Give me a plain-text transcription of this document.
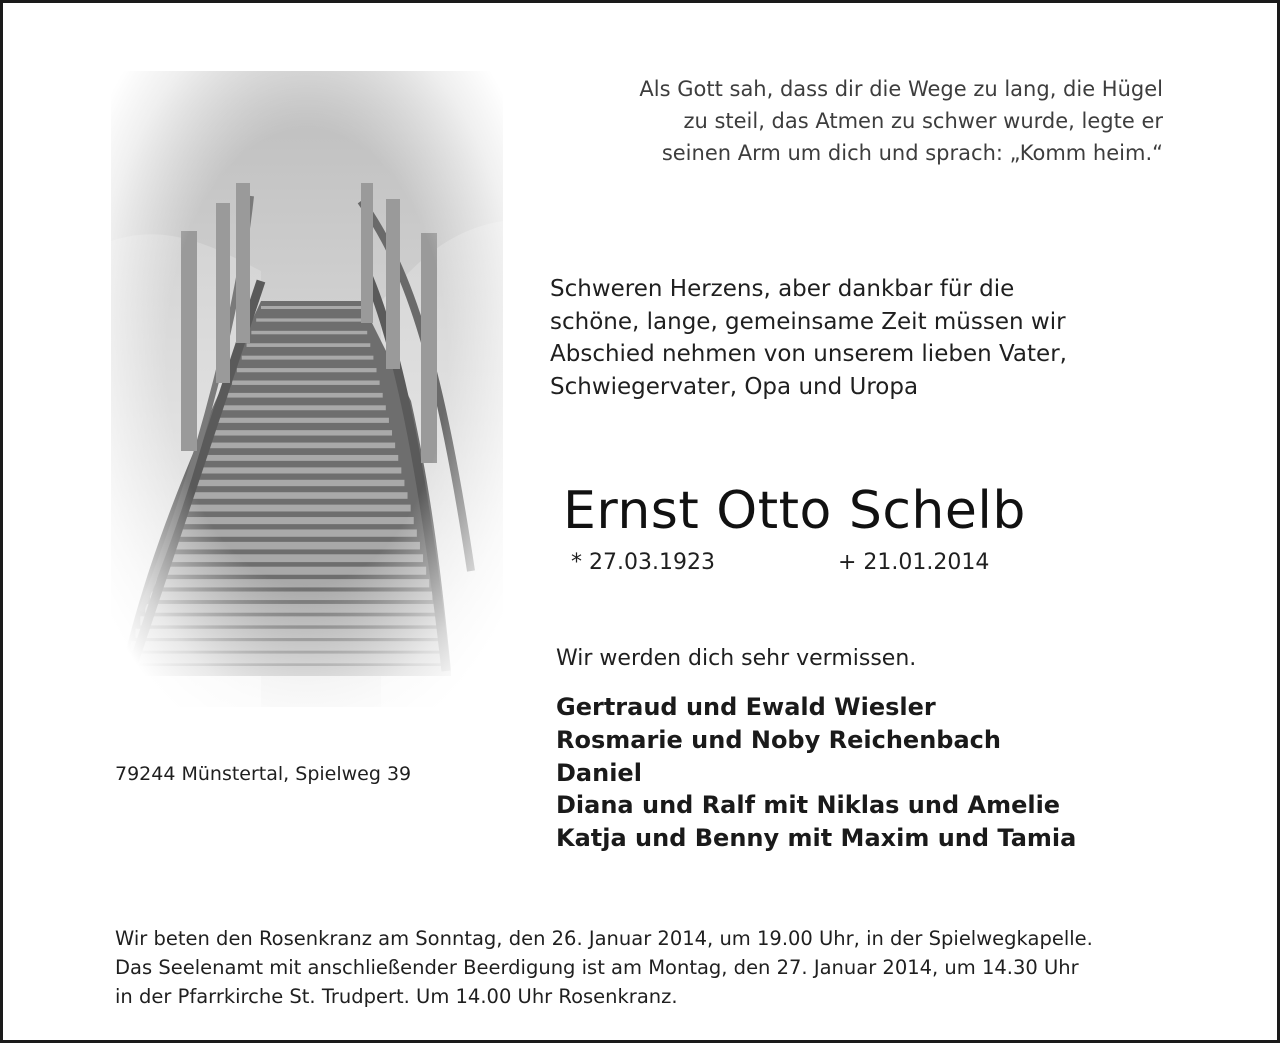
Als Gott sah, dass dir die Wege zu lang, die Hügel
zu steil, das Atmen zu schwer wurde, legte er
seinen Arm um dich und sprach: „Komm heim.“
Schweren Herzens, aber dankbar für die
schöne, lange, gemeinsame Zeit müssen wir
Abschied nehmen von unserem lieben Vater,
Schwiegervater, Opa und Uropa
Ernst Otto Schelb
* 27.03.1923	+ 21.01.2014
Wir werden dich sehr vermissen.
Gertraud und Ewald Wiesler
Rosmarie und Noby Reichenbach
Daniel
Diana und Ralf mit Niklas und Amelie
Katja und Benny mit Maxim und Tamia
79244 Münstertal, Spielweg 39
Wir beten den Rosenkranz am Sonntag, den 26. Januar 2014, um 19.00 Uhr, in der Spielwegkapelle.
Das Seelenamt mit anschließender Beerdigung ist am Montag, den 27. Januar 2014, um 14.30 Uhr
in der Pfarrkirche St. Trudpert. Um 14.00 Uhr Rosenkranz.
